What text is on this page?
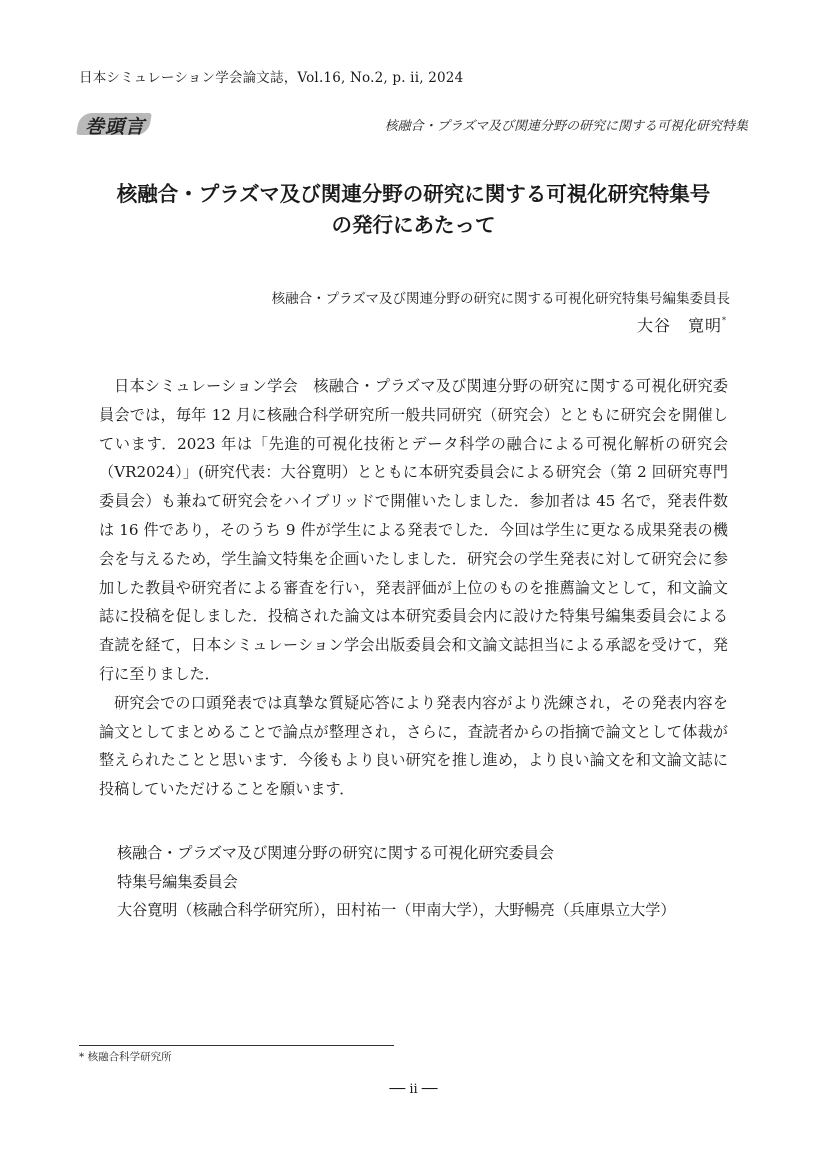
日本シミュレーション学会論文誌，Vol.16, No.2, p. ii, 2024
巻頭言	核融合・プラズマ及び関連分野の研究に関する可視化研究特集
核融合・プラズマ及び関連分野の研究に関する可視化研究特集号
の発行にあたって
核融合・プラズマ及び関連分野の研究に関する可視化研究特集号編集委員長
大谷　寛明*

日本シミュレーション学会　核融合・プラズマ及び関連分野の研究に関する可視化研究委員会では，毎年 12 月に核融合科学研究所一般共同研究（研究会）とともに研究会を開催しています．2023 年は「先進的可視化技術とデータ科学の融合による可視化解析の研究会（VR2024）」(研究代表：大谷寛明）とともに本研究委員会による研究会（第 2 回研究専門委員会）も兼ねて研究会をハイブリッドで開催いたしました．参加者は 45 名で，発表件数は 16 件であり，そのうち 9 件が学生による発表でした．今回は学生に更なる成果発表の機会を与えるため，学生論文特集を企画いたしました．研究会の学生発表に対して研究会に参加した教員や研究者による審査を行い，発表評価が上位のものを推薦論文として，和文論文誌に投稿を促しました．投稿された論文は本研究委員会内に設けた特集号編集委員会による査読を経て，日本シミュレーション学会出版委員会和文論文誌担当による承認を受けて，発行に至りました．

研究会での口頭発表では真摯な質疑応答により発表内容がより洗練され，その発表内容を論文としてまとめることで論点が整理され，さらに，査読者からの指摘で論文として体裁が整えられたことと思います．今後もより良い研究を推し進め，より良い論文を和文論文誌に投稿していただけることを願います．

核融合・プラズマ及び関連分野の研究に関する可視化研究委員会
特集号編集委員会
大谷寛明（核融合科学研究所），田村祐一（甲南大学），大野暢亮（兵庫県立大学）
* 核融合科学研究所
── ii ──
